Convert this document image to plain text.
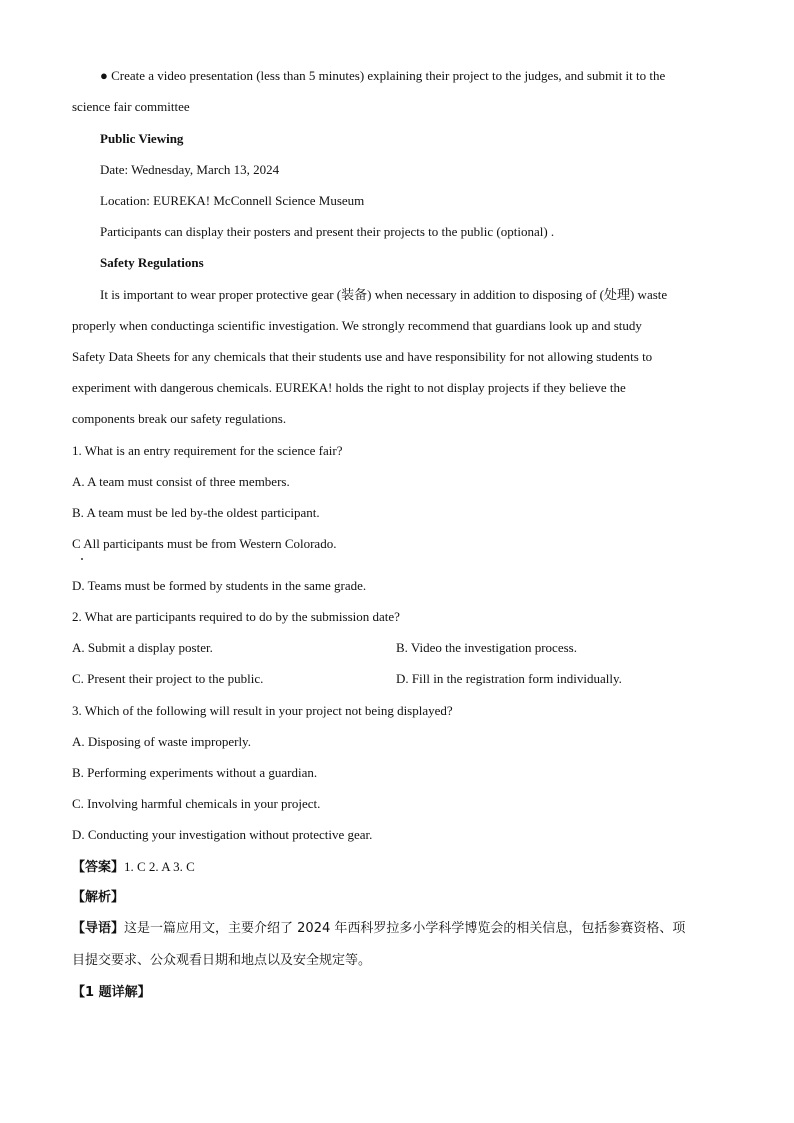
● Create a video presentation (less than 5 minutes) explaining their project to the judges, and submit it to the
science fair committee
Public Viewing
Date: Wednesday, March 13, 2024
Location: EUREKA! McConnell Science Museum
Participants can display their posters and present their projects to the public (optional) .
Safety Regulations
It is important to wear proper protective gear (装备) when necessary in addition to disposing of (处理) waste
properly when conductinga scientific investigation. We strongly recommend that guardians look up and study
Safety Data Sheets for any chemicals that their students use and have responsibility for not allowing students to
experiment with dangerous chemicals. EUREKA! holds the right to not display projects if they believe the
components break our safety regulations.
1. What is an entry requirement for the science fair?
A. A team must consist of three members.
B. A team must be led by-the oldest participant.
C All participants must be from Western Colorado.
D. Teams must be formed by students in the same grade.
2. What are participants required to do by the submission date?
A. Submit a display poster.	B. Video the investigation process.
C. Present their project to the public.	D. Fill in the registration form individually.
3. Which of the following will result in your project not being displayed?
A. Disposing of waste improperly.
B. Performing experiments without a guardian.
C. Involving harmful chemicals in your project.
D. Conducting your investigation without protective gear.
【答案】1. C 2. A 3. C
【解析】
【导语】这是一篇应用文，主要介绍了 2024 年西科罗拉多小学科学博览会的相关信息，包括参赛资格、项
目提交要求、公众观看日期和地点以及安全规定等。
【1 题详解】
